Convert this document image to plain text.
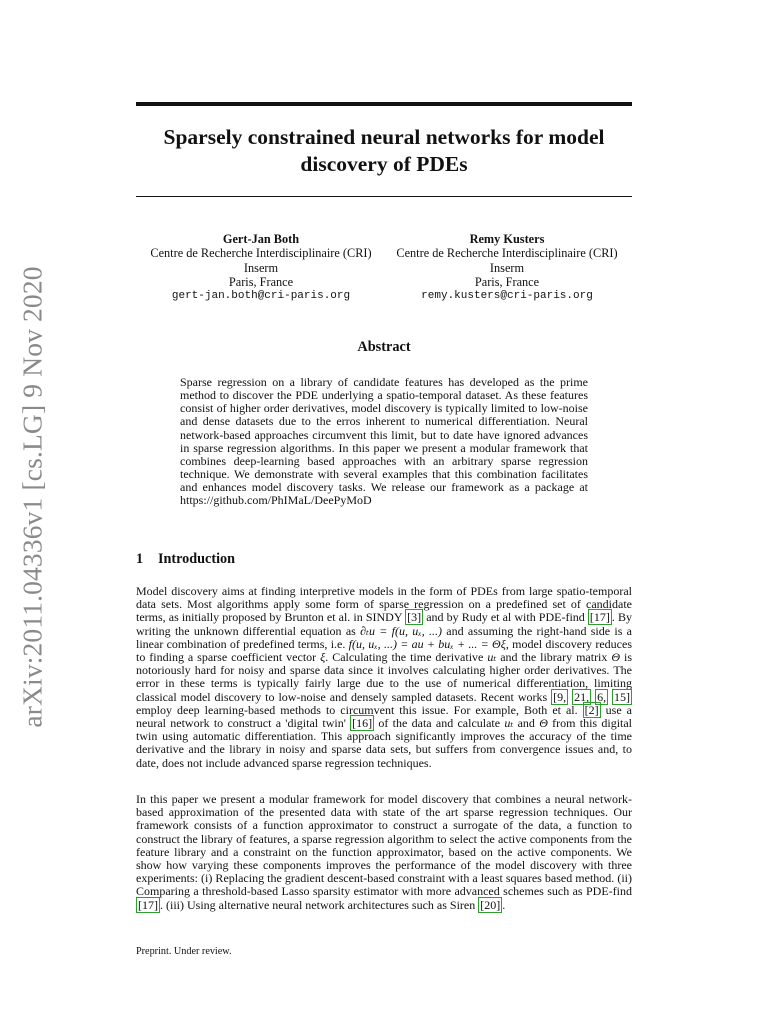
arXiv:2011.04336v1 [cs.LG] 9 Nov 2020
Sparsely constrained neural networks for model
discovery of PDEs
Gert-Jan Both
Centre de Recherche Interdisciplinaire (CRI)
Inserm
Paris, France
gert-jan.both@cri-paris.org
Remy Kusters
Centre de Recherche Interdisciplinaire (CRI)
Inserm
Paris, France
remy.kusters@cri-paris.org
Abstract
Sparse regression on a library of candidate features has developed as the prime method to discover the PDE underlying a spatio-temporal dataset. As these features consist of higher order derivatives, model discovery is typically limited to low-noise and dense datasets due to the erros inherent to numerical differentiation. Neural network-based approaches circumvent this limit, but to date have ignored advances in sparse regression algorithms. In this paper we present a modular framework that combines deep-learning based approaches with an arbitrary sparse regression technique. We demonstrate with several examples that this combination facilitates and enhances model discovery tasks. We release our framework as a package at https://github.com/PhIMaL/DeePyMoD
1 Introduction
Model discovery aims at finding interpretive models in the form of PDEs from large spatio-temporal data sets. Most algorithms apply some form of sparse regression on a predefined set of candidate terms, as initially proposed by Brunton et al. in SINDY [3] and by Rudy et al with PDE-find [17] . By writing the unknown differential equation as ∂ₜu = f(u, uₓ, ...) and assuming the right-hand side is a linear combination of predefined terms, i.e. f(u, uₓ, ...) = au + buₓ + ... = Θξ, model discovery reduces to finding a sparse coefficient vector ξ. Calculating the time derivative uₜ and the library matrix Θ is notoriously hard for noisy and sparse data since it involves calculating higher order derivatives. The error in these terms is typically fairly large due to the use of numerical differentiation, limiting classical model discovery to low-noise and densely sampled datasets. Recent works [9, 21, 6, 15] employ deep learning-based methods to circumvent this issue. For example, Both et al. [2] use a neural network to construct a 'digital twin' [16] of the data and calculate uₜ and Θ from this digital twin using automatic differentiation. This approach significantly improves the accuracy of the time derivative and the library in noisy and sparse data sets, but suffers from convergence issues and, to date, does not include advanced sparse regression techniques.
In this paper we present a modular framework for model discovery that combines a neural network-based approximation of the presented data with state of the art sparse regression techniques. Our framework consists of a function approximator to construct a surrogate of the data, a function to construct the library of features, a sparse regression algorithm to select the active components from the feature library and a constraint on the function approximator, based on the active components. We show how varying these components improves the performance of the model discovery with three experiments: (i) Replacing the gradient descent-based constraint with a least squares based method. (ii) Comparing a threshold-based Lasso sparsity estimator with more advanced schemes such as PDE-find [17] . (iii) Using alternative neural network architectures such as Siren [20] .
Preprint. Under review.
